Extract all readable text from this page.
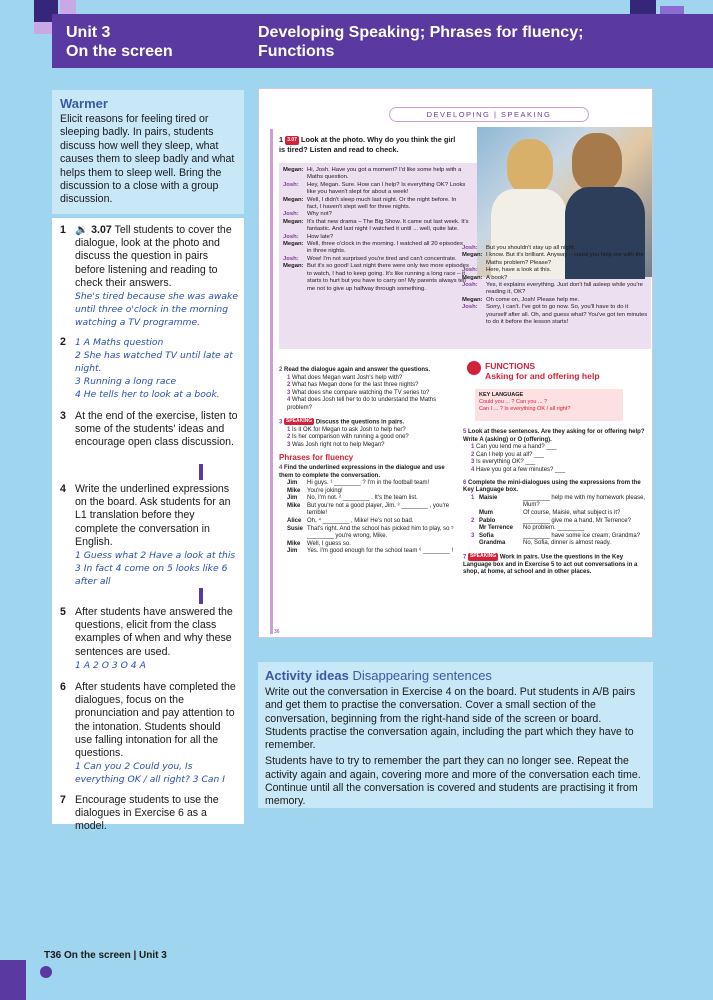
Unit 3
On the screen
Developing Speaking; Phrases for fluency;
Functions
Warmer
Elicit reasons for feeling tired or sleeping badly. In pairs, students discuss how well they sleep, what causes them to sleep badly and what helps them to sleep well. Bring the discussion to a close with a group discussion.
1 🔉 3.07 Tell students to cover the dialogue, look at the photo and discuss the question in pairs before listening and reading to check their answers.
She's tired because she was awake until three o'clock in the morning watching a TV programme.
2 1 A Maths question
2 She has watched TV until late at night.
3 Running a long race
4 He tells her to look at a book.
3 At the end of the exercise, listen to some of the students' ideas and encourage open class discussion.
4 Write the underlined expressions on the board. Ask students for an L1 translation before they complete the conversation in English.
1 Guess what 2 Have a look at this 3 In fact 4 come on 5 looks like 6 after all
5 After students have answered the questions, elicit from the class examples of when and why these sentences are used.
1 A 2 O 3 O 4 A
6 After students have completed the dialogues, focus on the pronunciation and pay attention to the intonation. Students should use falling intonation for all the questions.
1 Can you 2 Could you, Is everything OK / all right? 3 Can I
7 Encourage students to use the dialogues in Exercise 6 as a model.
DEVELOPING | SPEAKING
1 3.07 Look at the photo. Why do you think the girl is tired? Listen and read to check.
Megan: Hi, Josh. Have you got a moment? I'd like some help with a Maths question.
Josh: Hey, Megan. Sure. How can I help? Is everything OK? Looks like you haven't slept for about a week!
Megan: Well, I didn't sleep much last night. Or the night before. In fact, I haven't slept well for three nights.
Josh: Why not?
Megan: It's that new drama – The Big Show. It came out last week. It's fantastic. And last night I watched it until ... well, quite late.
Josh: How late?
Megan: Well, three o'clock in the morning. I watched all 20 episodes in three nights.
Josh: Wow! I'm not surprised you're tired and can't concentrate.
Megan: But it's so good! Last night there were only two more episodes to watch, I had to keep going. It's like running a long race – it starts to hurt but you have to carry on! My parents always tell me not to give up halfway through something.
Josh: But you shouldn't stay up all night.
Megan: I know. But it's brilliant. Anyway – could you help me with the Maths problem? Please?
Josh: Here, have a look at this.
Megan: A book?
Josh: Yes, it explains everything. Just don't fall asleep while you're reading it, OK?
Megan: Oh come on, Josh! Please help me.
Josh: Sorry, I can't. I've got to go now. So, you'll have to do it yourself after all. Oh, and guess what? You've got ten minutes to do it before the lesson starts!
2 Read the dialogue again and answer the questions.
1 What does Megan want Josh's help with?
2 What has Megan done for the last three nights?
3 What does she compare watching the TV series to?
4 What does Josh tell her to do to understand the Maths problem?
3 SPEAKING Discuss the questions in pairs.
1 Is it OK for Megan to ask Josh to help her?
2 Is her comparison with running a good one?
3 Was Josh right not to help Megan?
Phrases for fluency
4 Find the underlined expressions in the dialogue and use them to complete the conversation.
Jim Hi guys. ¹ ________ ? I'm in the football team!
Mike You're joking!
Jim No, I'm not. ² ________ . It's the team list.
Mike But you're not a good player, Jim. ³ ________ , you're terrible!
Alice Oh, ⁴ ________ , Mike! He's not so bad.
Susie That's right. And the school has picked him to play, so ⁵ ________ you're wrong, Mike.
Mike Well, I guess so.
Jim Yes. I'm good enough for the school team ⁶ ________ !
FUNCTIONS
Asking for and offering help
KEY LANGUAGE
Could you ... ? Can you ... ?
Can I ... ? Is everything OK / all right?
5 Look at these sentences. Are they asking for or offering help? Write A (asking) or O (offering).
1 Can you lend me a hand? ___
2 Can I help you at all? ___
3 Is everything OK? ___
4 Have you got a few minutes? ___
6 Complete the mini-dialogues using the expressions from the Key Language box.
1 Maisie	________ help me with my homework please, Mum?
Mum	Of course, Maisie, what subject is it?
2 Pablo	________ give me a hand, Mr Terrence?
Mr Terrence No problem. ________
3 Sofia	________ have some ice cream, Grandma?
Grandma	No, Sofia, dinner is almost ready.
7 SPEAKING Work in pairs. Use the questions in the Key Language box and in Exercise 5 to act out conversations in a shop, at home, at school and in other places.
36
Activity ideas Disappearing sentences

Write out the conversation in Exercise 4 on the board. Put students in A/B pairs and get them to practise the conversation. Cover a small section of the conversation, beginning from the right-hand side of the screen or board. Students practise the conversation again, including the part which they have to remember.

Students have to try to remember the part they can no longer see. Repeat the activity again and again, covering more and more of the conversation each time. Continue until all the conversation is covered and students are practising it from memory.

T36 On the screen | Unit 3
